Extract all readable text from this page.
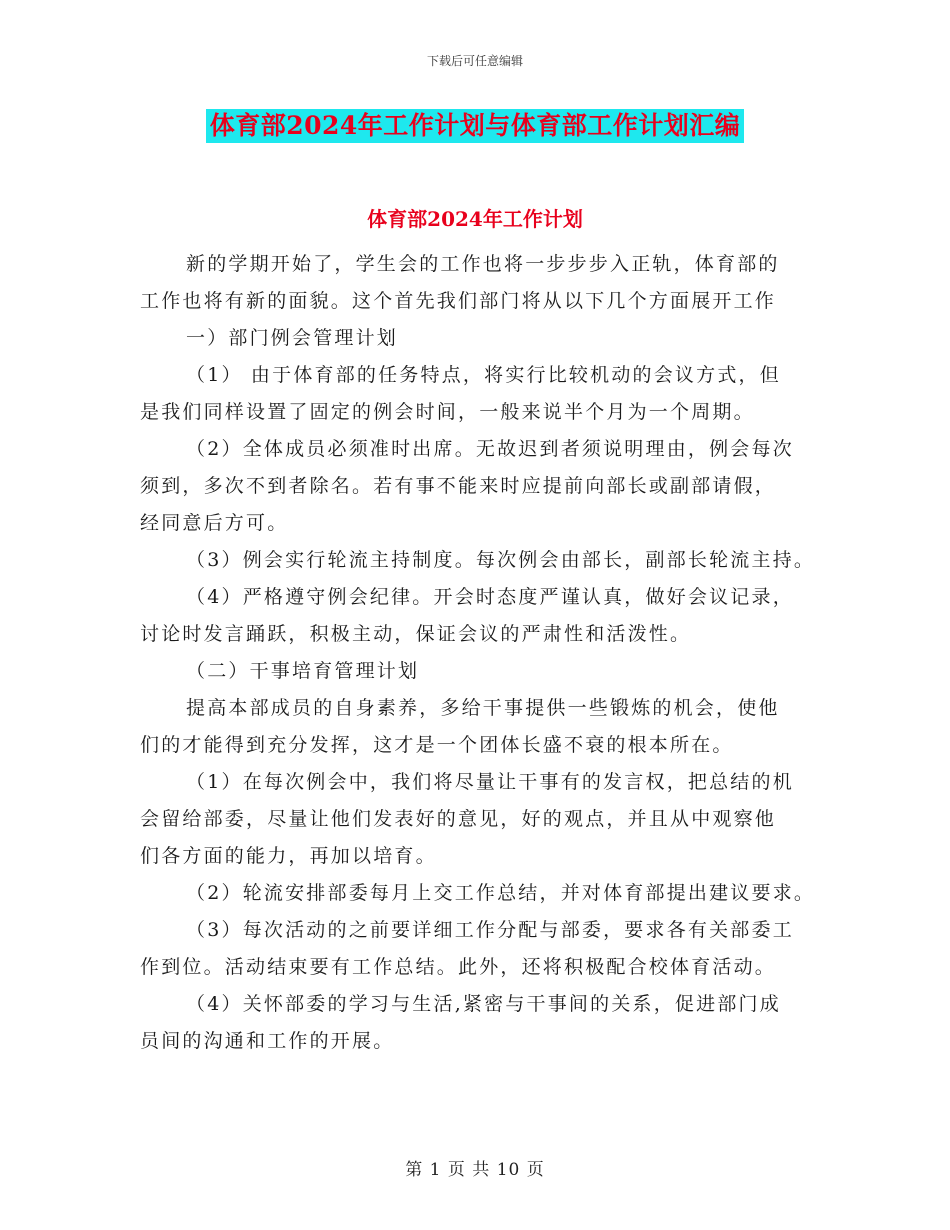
下载后可任意编辑
体育部2024年工作计划与体育部工作计划汇编
体育部2024年工作计划
新的学期开始了，学生会的工作也将一步步步入正轨，体育部的
工作也将有新的面貌。这个首先我们部门将从以下几个方面展开工作
一）部门例会管理计划
（1） 由于体育部的任务特点，将实行比较机动的会议方式，但
是我们同样设置了固定的例会时间，一般来说半个月为一个周期。
（2）全体成员必须准时出席。无故迟到者须说明理由，例会每次
须到，多次不到者除名。若有事不能来时应提前向部长或副部请假，
经同意后方可。
（3）例会实行轮流主持制度。每次例会由部长，副部长轮流主持。
（4）严格遵守例会纪律。开会时态度严谨认真，做好会议记录，
讨论时发言踊跃，积极主动，保证会议的严肃性和活泼性。
（二）干事培育管理计划
提高本部成员的自身素养，多给干事提供一些锻炼的机会，使他
们的才能得到充分发挥，这才是一个团体长盛不衰的根本所在。
（1）在每次例会中，我们将尽量让干事有的发言权，把总结的机
会留给部委，尽量让他们发表好的意见，好的观点，并且从中观察他
们各方面的能力，再加以培育。
（2）轮流安排部委每月上交工作总结，并对体育部提出建议要求。
（3）每次活动的之前要详细工作分配与部委，要求各有关部委工
作到位。活动结束要有工作总结。此外，还将积极配合校体育活动。
（4）关怀部委的学习与生活,紧密与干事间的关系，促进部门成
员间的沟通和工作的开展。
第 1 页 共 10 页
